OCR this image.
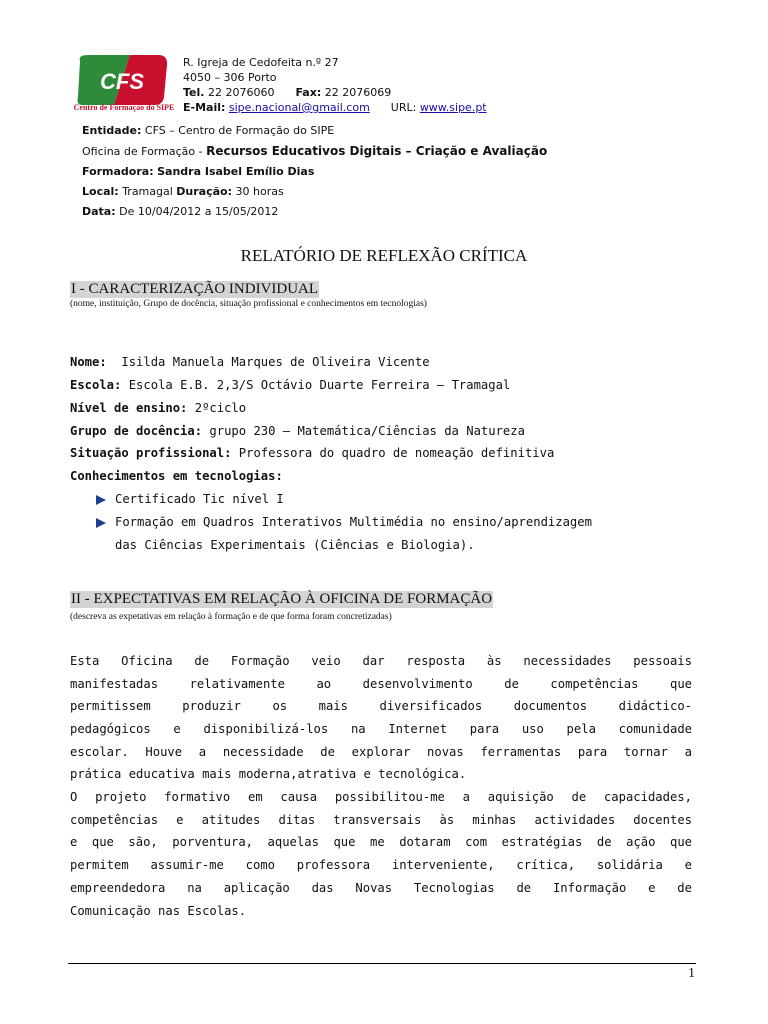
CFS
Centro de Formação do SIPE
R. Igreja de Cedofeita n.º 27
4050 – 306 Porto
Tel. 22 2076060 Fax: 22 2076069
E-Mail: sipe.nacional@gmail.com URL: www.sipe.pt
Entidade: CFS – Centro de Formação do SIPE
Oficina de Formação - Recursos Educativos Digitais – Criação e Avaliação
Formadora: Sandra Isabel Emílio Dias
Local: Tramagal Duração: 30 horas
Data: De 10/04/2012 a 15/05/2012
RELATÓRIO DE REFLEXÃO CRÍTICA
I - CARACTERIZAÇÃO INDIVIDUAL
(nome, instituição, Grupo de docência, situação profissional e conhecimentos em tecnologias)
Nome: Isilda Manuela Marques de Oliveira Vicente
Escola: Escola E.B. 2,3/S Octávio Duarte Ferreira – Tramagal
Nível de ensino: 2ºciclo
Grupo de docência: grupo 230 – Matemática/Ciências da Natureza
Situação profissional: Professora do quadro de nomeação definitiva
Conhecimentos em tecnologias:
Certificado Tic nível I
Formação em Quadros Interativos Multimédia no ensino/aprendizagem
das Ciências Experimentais (Ciências e Biologia).
II - EXPECTATIVAS EM RELAÇÃO À OFICINA DE FORMAÇÃO
(descreva as expetativas em relação à formação e de que forma foram concretizadas)
Esta Oficina de Formação veio dar resposta às necessidades pessoais
manifestadas relativamente ao desenvolvimento de competências que
permitissem produzir os mais diversificados documentos didáctico-
pedagógicos e disponibilizá-los na Internet para uso pela comunidade
escolar. Houve a necessidade de explorar novas ferramentas para tornar a
prática educativa mais moderna,atrativa e tecnológica.
O projeto formativo em causa possibilitou-me a aquisição de capacidades,
competências e atitudes ditas transversais às minhas actividades docentes
e que são, porventura, aquelas que me dotaram com estratégias de ação que
permitem assumir-me como professora interveniente, crítica, solidária e
empreendedora na aplicação das Novas Tecnologias de Informação e de
Comunicação nas Escolas.
1
